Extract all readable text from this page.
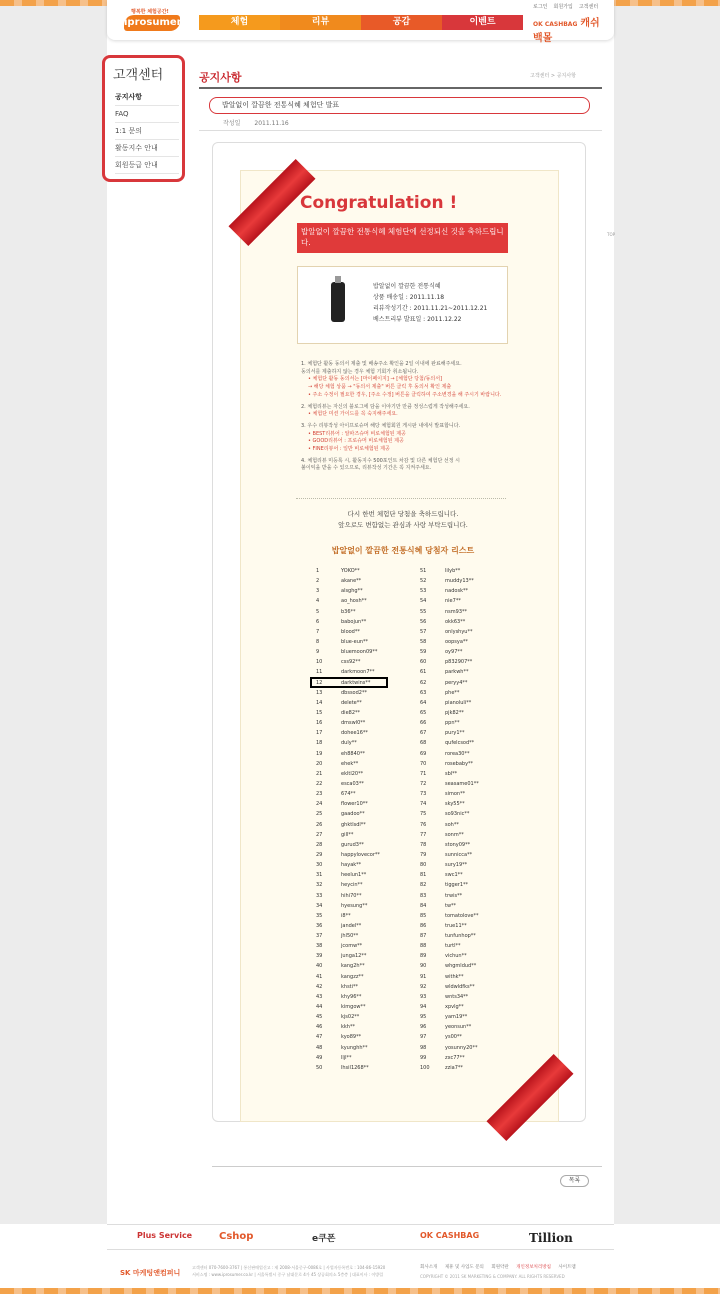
행복한 체험공간!
iprosumer	체험	리뷰	공감	이벤트
로그인 회원가입 고객센터
OK CASHBAG 캐쉬백몰
고객센터
공지사항
FAQ
1:1 문의
활동지수 안내
회원등급 안내
공지사항	고객센터 > 공지사항
밥알없이 깔끔한 전통식혜 체험단 발표
작성일 2011.11.16
Congratulation !
밥알없이 깔끔한 전통식혜 체험단에 선정되신 것을 축하드립니다.
밥알없이 깔끔한 전통식혜
상품 배송일 : 2011.11.18
리뷰작성기간 : 2011.11.21~2011.12.21
베스트리뷰 발표일 : 2011.12.22
1. 체험단 활동 동의서 제출 및 배송주소 확인을 2일 이내에 완료해주세요.
동의서를 제출하지 않는 경우 체험 기회가 취소됩니다.
• 체험단 활동 동의서는 [마이페이지] → [체험단 당첨/동의서]
→ 해당 체험 상품 → "동의서 제출" 버튼 클릭 후 동의서 확인 제출
• 주소 수정이 필요한 경우, [주소 수정] 버튼을 클릭하여 주소변경을 해 주시기 바랍니다.
2. 체험리뷰는 자신의 블로그에 담을 이야기만 만큼 정성스럽게 작성해주세요.
• 체험단 미션 가이드를 꼭 숙지해주세요.
3. 우수 리뷰작성 아이프로슈머 해당 체험회원 게시판 내에서 발표합니다.
• BEST리뷰어 : 알파즈슈머 비로체험된 제공
• GOOD리뷰어 : 프로슈머 비로체험된 제공
• FINE리뷰어 : 일반 비로체험된 제공
4. 체험리뷰 미등록 시, 활동지수 500포인트 차감 및 다른 체험단 선정 시
불이익을 받을 수 있으므로, 리뷰작성 기간은 꼭 지켜주세요.
다시 한번 체험단 당첨을 축하드립니다.
앞으로도 변함없는 관심과 사랑 부탁드립니다.
밥알없이 깔끔한 전통식혜 당첨자 리스트
1	YOKO**
2	akane**
3	alsghg**
4	ao_hosh**
5	b36**
6	babojun**
7	blood**
8	blue-eun**
9	bluemoon09**
10	css92**
11	darkmoon7**
12	darktwins**
13	dbssod2**
14	delete**
15	die82**
16	dmswl0**
17	dohee16**
18	duly**
19	eh8840**
20	ehek**
21	ekltl20**
22	esca03**
23	674**
24	flower10**
25	gaadoo**
26	ghktlsdl**
27	gill**
28	gurud3**
29	happylovecor**
30	hayak**
31	heelun1**
32	heycin**
33	hihi70**
34	hyesung**
35	i8**
36	jandel**
37	jhl50**
38	jcomw**
39	junga12**
40	kang2h**
41	kangzz**
42	khsti**
43	khy96**
44	kimgow**
45	kjs02**
46	kkh**
47	kyo89**
48	kyunghh**
49	lljl**
50	lhsil1268**
51	lilyb**
52	muddy13**
53	nadosk**
54	nie7**
55	nsm93**
56	okk63**
57	onlyshyu**
58	oopsya**
59	oy97**
60	p832907**
61	parkwh**
62	peryy4**
63	phe**
64	pianoluli**
65	pjk82**
66	ppn**
67	pury1**
68	qufelcsod**
69	rorea30**
70	rosebaby**
71	sbl**
72	seasame01**
73	simon**
74	sky55**
75	so93nic**
76	soh**
77	sonm**
78	stony09**
79	sunnicca**
80	sury19**
81	swc1**
82	tigger1**
83	trwis**
84	tw**
85	tomatolove**
86	true11**
87	tunfunhop**
88	turtl**
89	vichun**
90	whgmldud**
91	withk**
92	wldwldfks**
93	wnts34**
94	xpvlg**
95	yam19**
96	yeonsun**
97	ys00**
98	yosunny20**
99	zxc77**
100	zzia7**
TOP
목록
Plus Service	Cshop	e쿠폰	OK CASHBAG	Tillion
SK 마케팅앤컴퍼니
고객센터 070-7600-3767 | 통신판매업신고 : 제 2008-서울중구-0086호 | 사업자등록번호 : 104-86-15920
서비스명 : www.iprosumer.co.kr | 서울특별시 중구 남대문로 4가 45 상공회의소 5층층 | 대표이사 : 이방렬
회사소개 제휴 및 사업도 문의 회원약관 개인정보처리방침 사이트맵
COPYRIGHT © 2011 SK MARKETING & COMPANY. ALL RIGHTS RESERVED
